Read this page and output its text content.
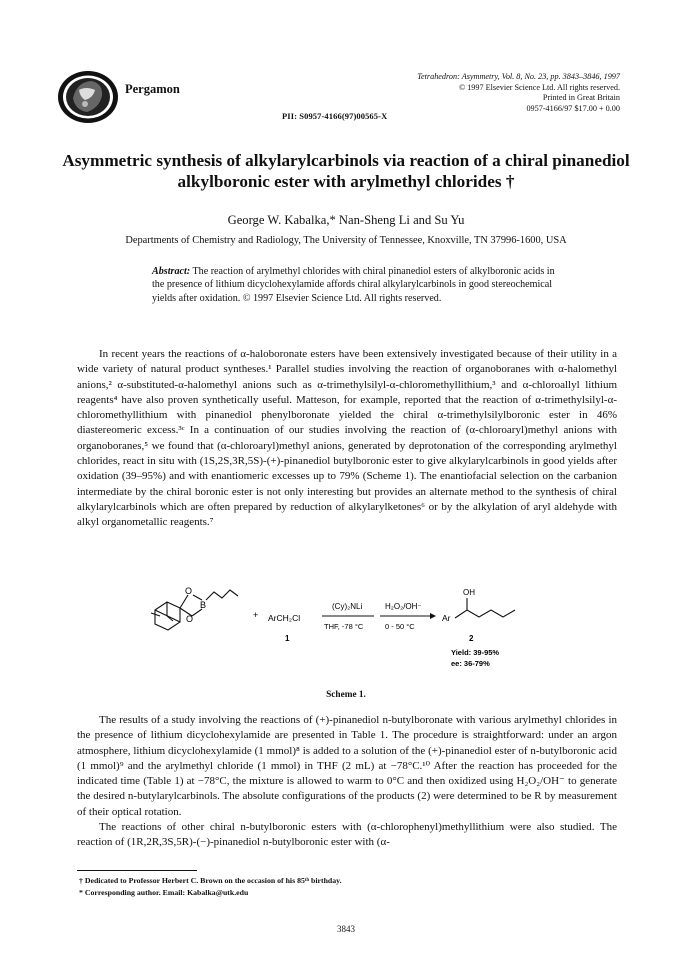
Pergamon
PII: S0957-4166(97)00565-X
Tetrahedron: Asymmetry, Vol. 8, No. 23, pp. 3843–3846, 1997
© 1997 Elsevier Science Ltd. All rights reserved.
Printed in Great Britain
0957-4166/97 $17.00 + 0.00
Asymmetric synthesis of alkylarylcarbinols via reaction of a chiral pinanediol alkylboronic ester with arylmethyl chlorides †
George W. Kabalka,* Nan-Sheng Li and Su Yu
Departments of Chemistry and Radiology, The University of Tennessee, Knoxville, TN 37996-1600, USA
Abstract: The reaction of arylmethyl chlorides with chiral pinanediol esters of alkylboronic acids in the presence of lithium dicyclohexylamide affords chiral alkylarylcarbinols in good stereochemical yields after oxidation. © 1997 Elsevier Science Ltd. All rights reserved.
In recent years the reactions of α-haloboronate esters have been extensively investigated because of their utility in a wide variety of natural product syntheses.¹ Parallel studies involving the reaction of organoboranes with α-halomethyl anions,² α-substituted-α-halomethyl anions such as α-trimethylsilyl-α-chloromethyllithium,³ and α-chloroallyl lithium reagents⁴ have also proven synthetically useful. Matteson, for example, reported that the reaction of α-trimethylsilyl-α-chloromethyllithium with pinanediol phenylboronate yielded the chiral α-trimethylsilylboronic ester in 46% diastereomeric excess.³ᶜ In a continuation of our studies involving the reaction of (α-chloroaryl)methyl anions with organoboranes,⁵ we found that (α-chloroaryl)methyl anions, generated by deprotonation of the corresponding arylmethyl chlorides, react in situ with (1S,2S,3R,5S)-(+)-pinanediol butylboronic ester to give alkylarylcarbinols in good yields after oxidation (39–95%) and with enantiomeric excesses up to 79% (Scheme 1). The enantiofacial selection on the carbanion intermediate by the chiral boronic ester is not only interesting but provides an alternate method to the synthesis of chiral alkylarylcarbinols which are often prepared by reduction of alkylarylketones⁶ or by the alkylation of aryl aldehyde with alkyl organometallic reagents.⁷
O
B
O	+ ArCH₂Cl
1
(Cy)₂NLi
THF, -78 °C
H₂O₂/OH⁻
0 - 50 °C
Ar
OH
2
Yield: 39-95%
ee: 36-79%
Scheme 1.
The results of a study involving the reactions of (+)-pinanediol n-butylboronate with various arylmethyl chlorides in the presence of lithium dicyclohexylamide are presented in Table 1. The procedure is straightforward: under an argon atmosphere, lithium dicyclohexylamide (1 mmol)⁸ is added to a solution of the (+)-pinanediol ester of n-butylboronic acid (1 mmol)⁹ and the arylmethyl chloride (1 mmol) in THF (2 mL) at −78°C.¹⁰ After the reaction has proceeded for the indicated time (Table 1) at −78°C, the mixture is allowed to warm to 0°C and then oxidized using H₂O₂/OH⁻ to generate the desired n-butylarylcarbinols. The absolute configurations of the products (2) were determined to be R by measurement of their optical rotation.
The reactions of other chiral n-butylboronic esters with (α-chlorophenyl)methyllithium were also studied. The reaction of (1R,2R,3S,5R)-(−)-pinanediol n-butylboronic ester with (α-
† Dedicated to Professor Herbert C. Brown on the occasion of his 85ᵗʰ birthday.
* Corresponding author. Email: Kabalka@utk.edu
3843
